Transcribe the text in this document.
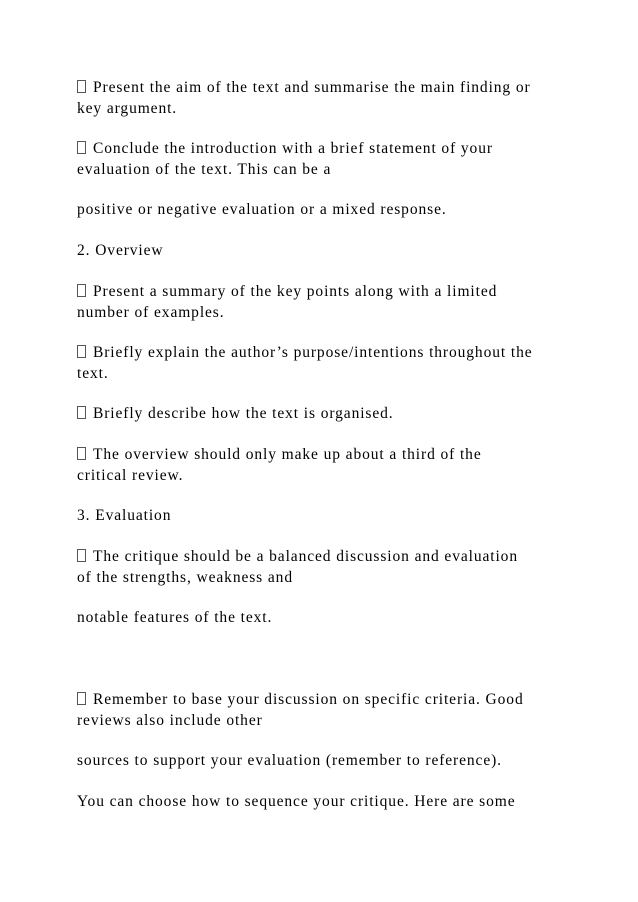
Present the aim of the text and summarise the main finding or
key argument.
Conclude the introduction with a brief statement of your
evaluation of the text. This can be a
positive or negative evaluation or a mixed response.
2. Overview
Present a summary of the key points along with a limited
number of examples.
Briefly explain the author’s purpose/intentions throughout the
text.
Briefly describe how the text is organised.
The overview should only make up about a third of the
critical review.
3. Evaluation
The critique should be a balanced discussion and evaluation
of the strengths, weakness and
notable features of the text.
Remember to base your discussion on specific criteria. Good
reviews also include other
sources to support your evaluation (remember to reference).
You can choose how to sequence your critique. Here are some
